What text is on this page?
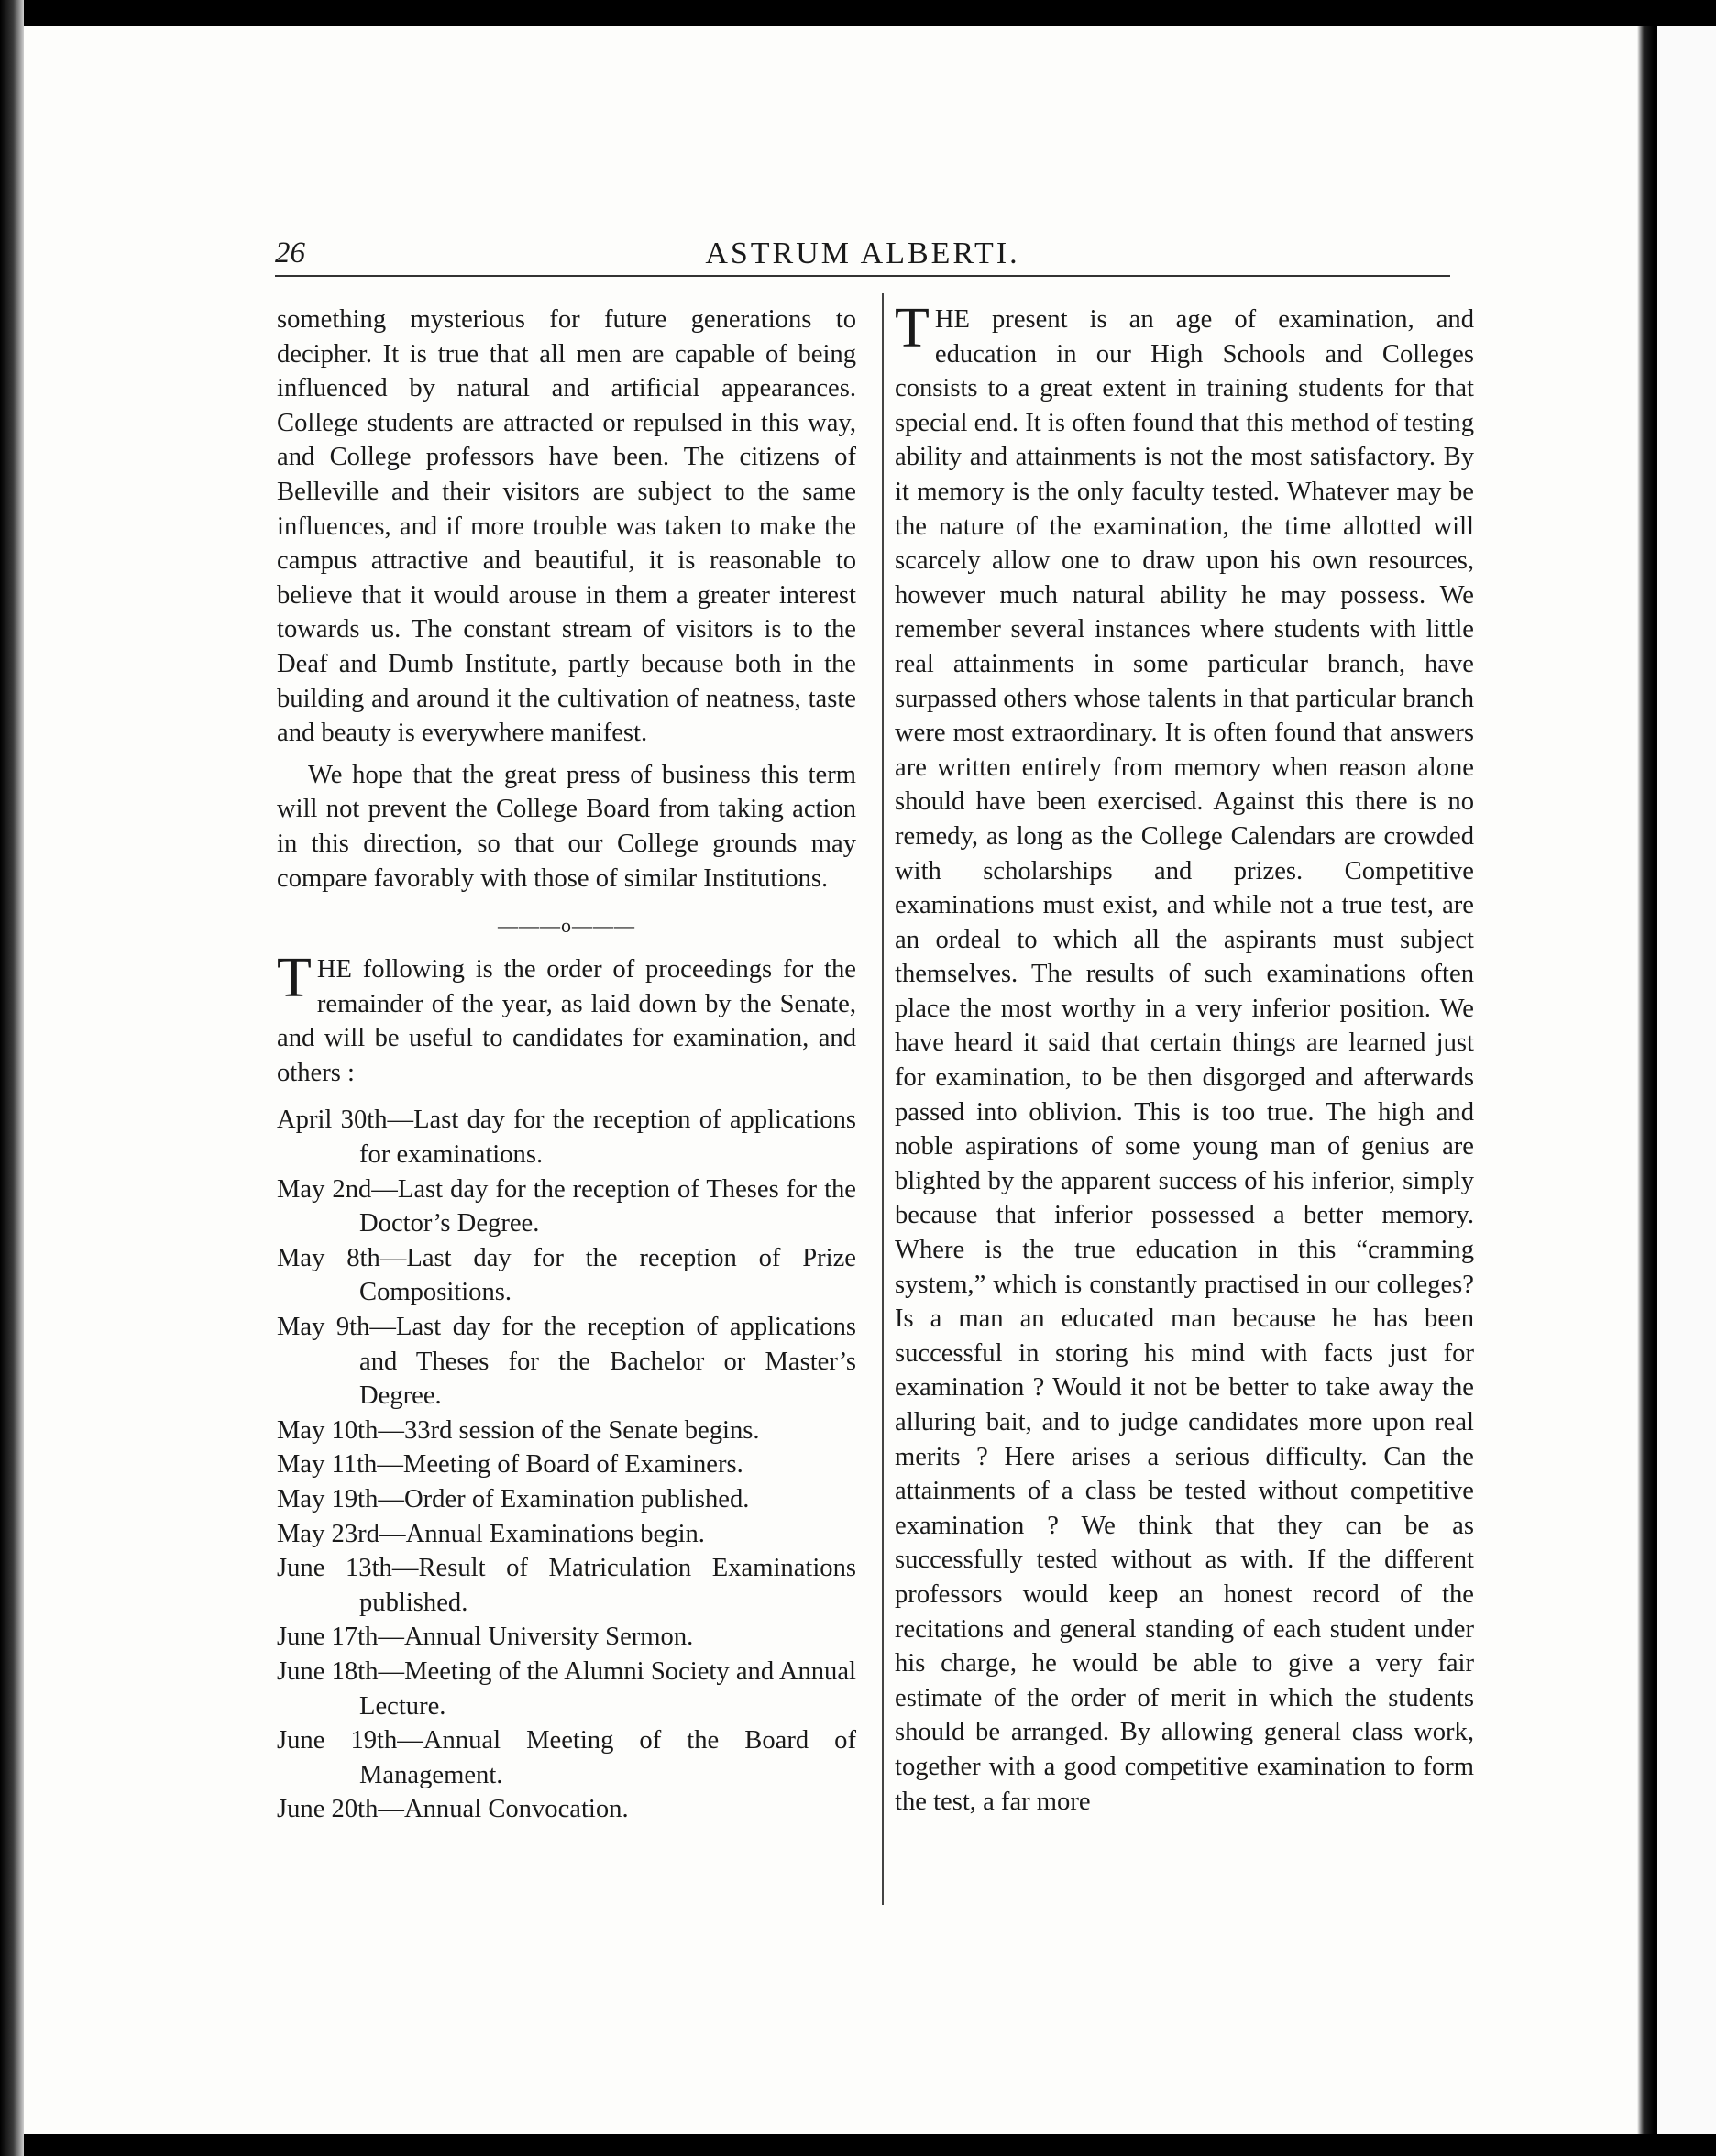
26	ASTRUM ALBERTI.

something mysterious for future generations to decipher. It is true that all men are capable of being influenced by natural and artificial appearances. College students are attracted or repulsed in this way, and College professors have been. The citizens of Belleville and their visitors are subject to the same influences, and if more trouble was taken to make the campus attractive and beautiful, it is reasonable to believe that it would arouse in them a greater interest towards us. The constant stream of visitors is to the Deaf and Dumb Institute, partly because both in the building and around it the cultivation of neatness, taste and beauty is everywhere manifest.

We hope that the great press of business this term will not prevent the College Board from taking action in this direction, so that our College grounds may compare favorably with those of similar Institutions.

———o———

THE following is the order of proceedings for the remainder of the year, as laid down by the Senate, and will be useful to candidates for examination, and others :

April 30th—Last day for the reception of applications for examinations.
May 2nd—Last day for the reception of Theses for the Doctor’s Degree.
May 8th—Last day for the reception of Prize Compositions.
May 9th—Last day for the reception of applications and Theses for the Bachelor or Master’s Degree.
May 10th—33rd session of the Senate begins.
May 11th—Meeting of Board of Examiners.
May 19th—Order of Examination published.
May 23rd—Annual Examinations begin.
June 13th—Result of Matriculation Examinations published.
June 17th—Annual University Sermon.
June 18th—Meeting of the Alumni Society and Annual Lecture.
June 19th—Annual Meeting of the Board of Management.
June 20th—Annual Convocation.

THE present is an age of examination, and education in our High Schools and Colleges consists to a great extent in training students for that special end. It is often found that this method of testing ability and attainments is not the most satisfactory. By it memory is the only faculty tested. Whatever may be the nature of the examination, the time allotted will scarcely allow one to draw upon his own resources, however much natural ability he may possess. We remember several instances where students with little real attainments in some particular branch, have surpassed others whose talents in that particular branch were most extraordinary. It is often found that answers are written entirely from memory when reason alone should have been exercised. Against this there is no remedy, as long as the College Calendars are crowded with scholarships and prizes. Competitive examinations must exist, and while not a true test, are an ordeal to which all the aspirants must subject themselves. The results of such examinations often place the most worthy in a very inferior position. We have heard it said that certain things are learned just for examination, to be then disgorged and afterwards passed into oblivion. This is too true. The high and noble aspirations of some young man of genius are blighted by the apparent success of his inferior, simply because that inferior possessed a better memory. Where is the true education in this “cramming system,” which is constantly practised in our colleges? Is a man an educated man because he has been successful in storing his mind with facts just for examination ? Would it not be better to take away the alluring bait, and to judge candidates more upon real merits ? Here arises a serious difficulty. Can the attainments of a class be tested without competitive examination ? We think that they can be as successfully tested without as with. If the different professors would keep an honest record of the recitations and general standing of each student under his charge, he would be able to give a very fair estimate of the order of merit in which the students should be arranged. By allowing general class work, together with a good competitive examination to form the test, a far more
